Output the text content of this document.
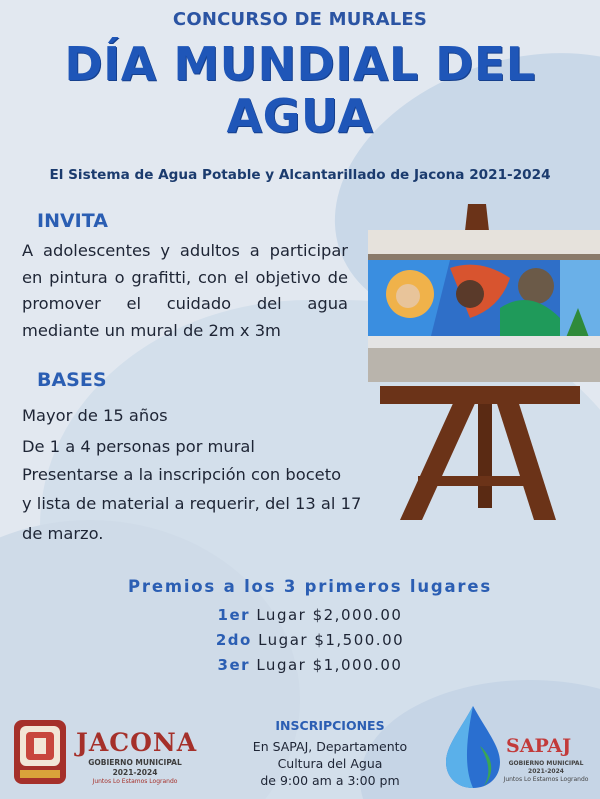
CONCURSO DE MURALES
DÍA MUNDIAL DEL
AGUA
El Sistema de Agua Potable y Alcantarillado de Jacona 2021-2024
INVITA
A adolescentes y adultos a participar en pintura o grafitti, con el objetivo de promover el cuidado del agua mediante un mural de 2m x 3m
BASES
Mayor de 15 años
De 1 a 4 personas por mural
Presentarse a la inscripción con boceto
y lista de material a requerir, del 13 al 17
de marzo.
Premios a los 3 primeros lugares
1er Lugar $2,000.00
2do Lugar $1,500.00
3er Lugar $1,000.00
INSCRIPCIONES
En SAPAJ, Departamento
Cultura del Agua
de 9:00 am a 3:00 pm
JACONA
GOBIERNO MUNICIPAL
2021-2024
Juntos Lo Estamos Logrando
SAPAJ
GOBIERNO MUNICIPAL
2021-2024
Juntos Lo Estamos Logrando
